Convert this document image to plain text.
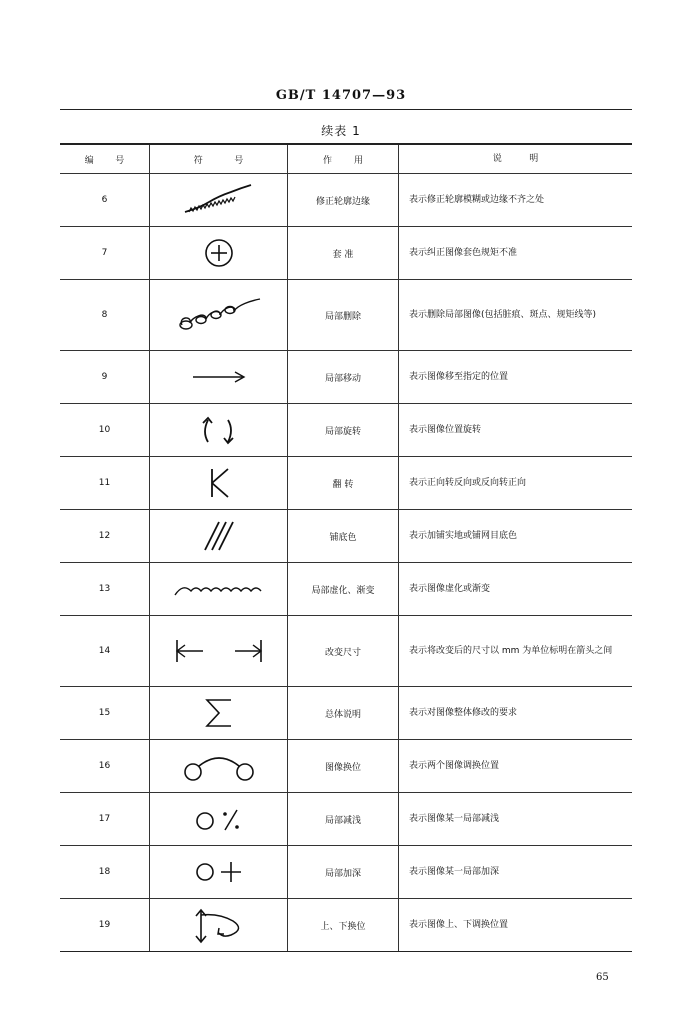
GB/T 14707—93
续表 1
编 号	符 号	作 用	说 明

6		修正轮廓边缘	表示修正轮廓模糊或边缘不齐之处
7		套 准	表示纠正图像套色规矩不准
8		局部删除	表示删除局部图像(包括脏痕、斑点、规矩线等)
9		局部移动	表示图像移至指定的位置
10		局部旋转	表示图像位置旋转
11		翻 转	表示正向转反向或反向转正向
12		铺底色	表示加铺实地或铺网目底色
13		局部虚化、渐变	表示图像虚化或渐变
14		改变尺寸	表示将改变后的尺寸以 mm 为单位标明在箭头之间
15		总体说明	表示对图像整体修改的要求
16		图像换位	表示两个图像调换位置
17		局部减浅	表示图像某一局部减浅
18		局部加深	表示图像某一局部加深
19		上、下换位	表示图像上、下调换位置
65
